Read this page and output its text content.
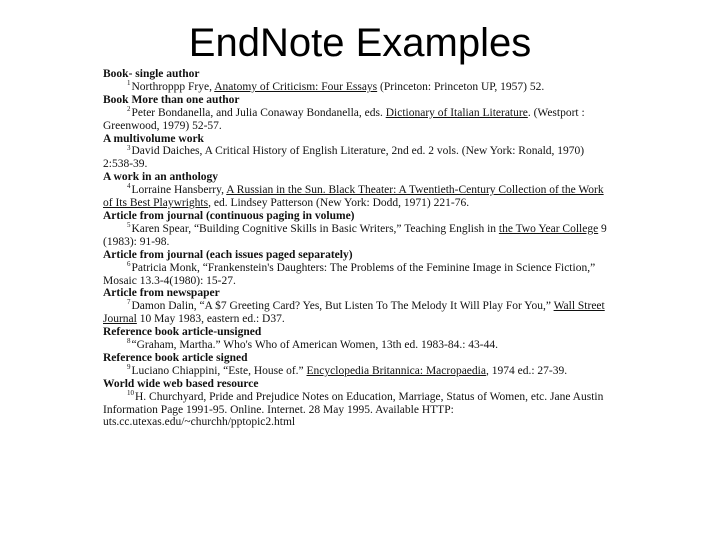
EndNote Examples
Book- single author
$^1$Northroppp Frye, Anatomy of Criticism: Four Essays (Princeton: Princeton UP, 1957) 52.
Book More than one author
$^2$Peter Bondanella, and Julia Conaway Bondanella, eds. Dictionary of Italian Literature. (Westport : Greenwood, 1979) 52-57.
A multivolume work
$^3$David Daiches, A Critical History of English Literature, 2nd ed. 2 vols. (New York: Ronald, 1970) 2:538-39.
A work in an anthology
$^4$Lorraine Hansberry, A Russian in the Sun. Black Theater: A Twentieth-Century Collection of the Work of Its Best Playwrights, ed. Lindsey Patterson (New York: Dodd, 1971) 221-76.
Article from journal (continuous paging in volume)
$^5$Karen Spear, “Building Cognitive Skills in Basic Writers,” Teaching English in the Two Year College 9 (1983): 91-98.
Article from journal (each issues paged separately)
$^6$Patricia Monk, “Frankenstein's Daughters: The Problems of the Feminine Image in Science Fiction,” Mosaic 13.3-4(1980): 15-27.
Article from newspaper
$^7$Damon Dalin, “A $7 Greeting Card? Yes, But Listen To The Melody It Will Play For You,” Wall Street Journal 10 May 1983, eastern ed.: D37.
Reference book article-unsigned
$^8$“Graham, Martha.” Who's Who of American Women, 13th ed. 1983-84.: 43-44.
Reference book article signed
$^9$Luciano Chiappini, “Este, House of.” Encyclopedia Britannica: Macropaedia, 1974 ed.: 27-39.
World wide web based resource
$^{10}$H. Churchyard, Pride and Prejudice Notes on Education, Marriage, Status of Women, etc. Jane Austin Information Page 1991-95. Online. Internet. 28 May 1995. Available HTTP: uts.cc.utexas.edu/~churchh/pptopic2.html
